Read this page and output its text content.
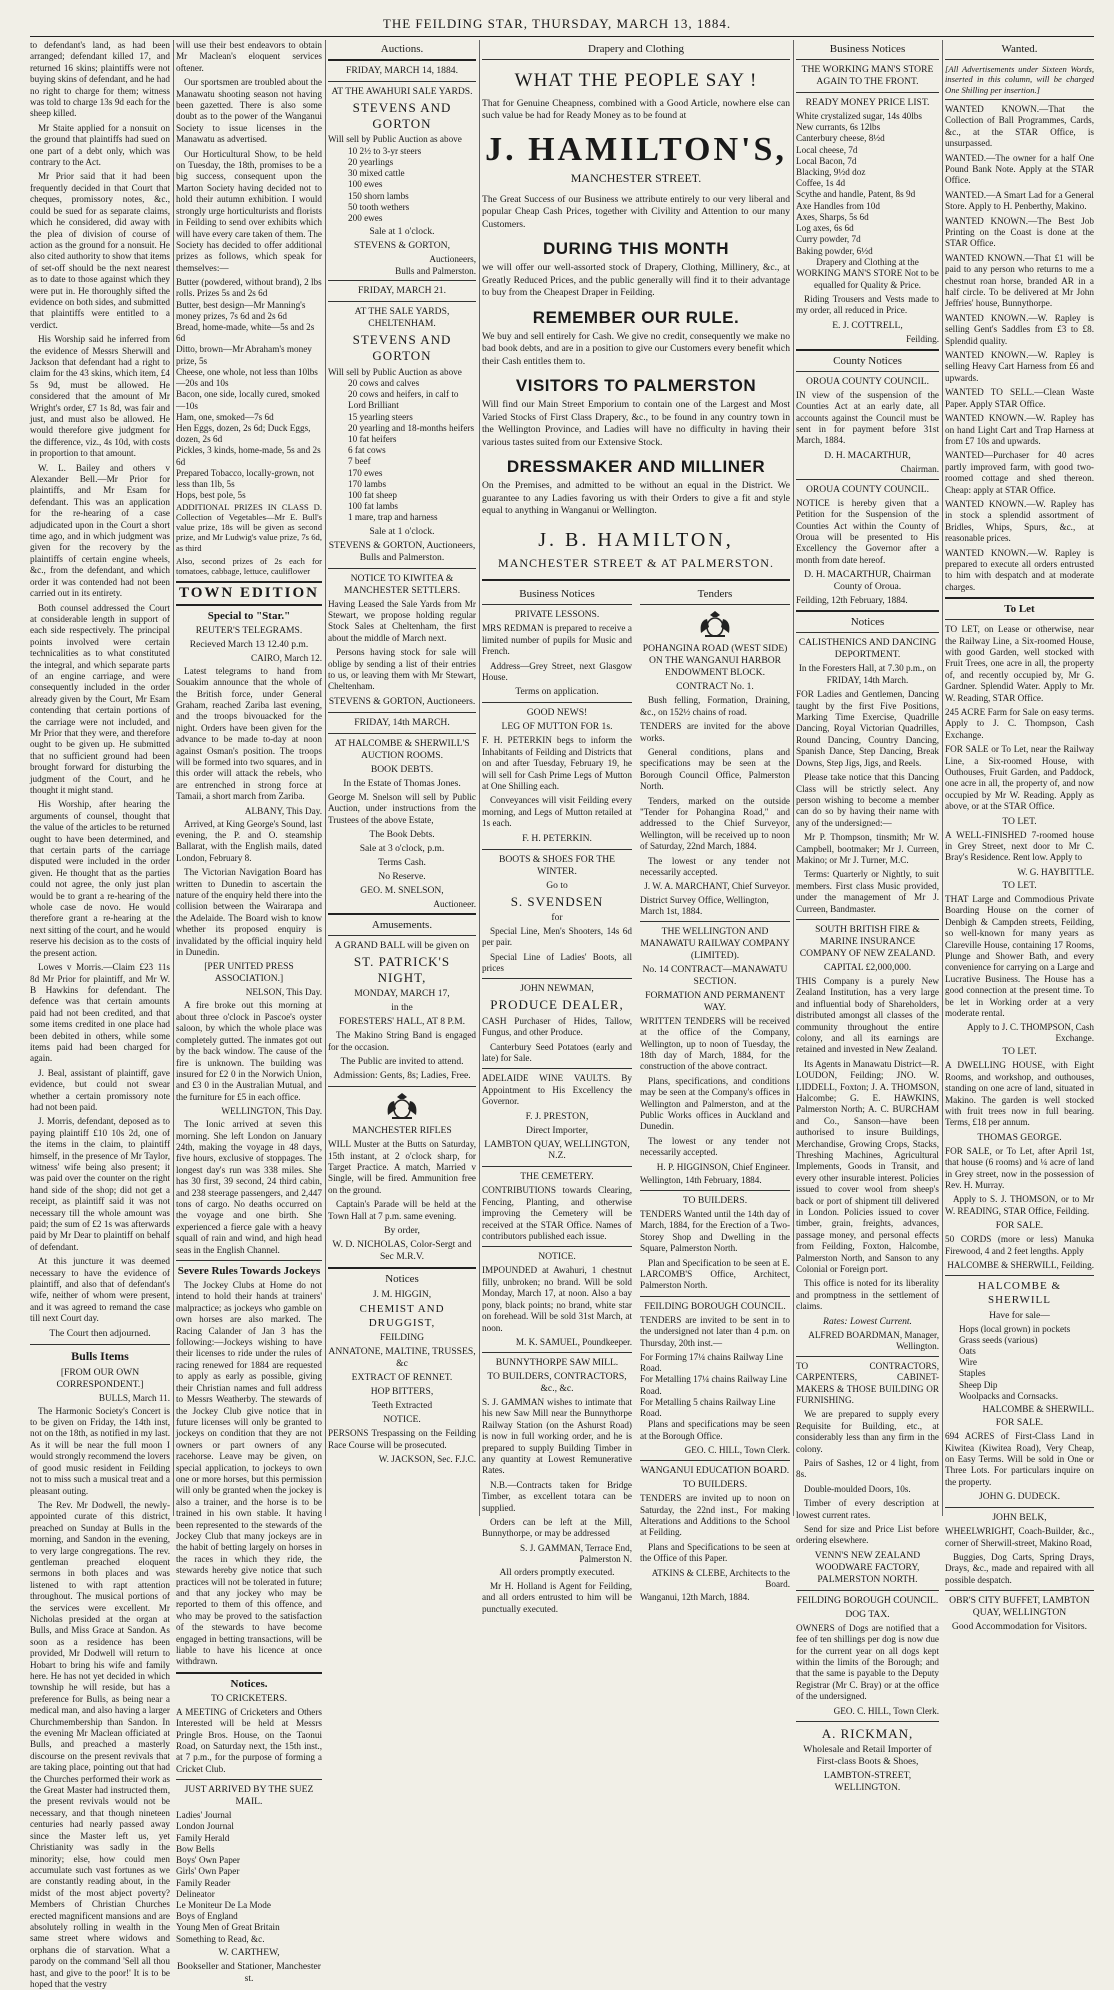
THE FEILDING STAR, THURSDAY, MARCH 13, 1884.

to defendant's land, as had been arranged; defendant killed 17, and returned 16 skins; plaintiffs were not buying skins of defendant, and he had no right to charge for them; witness was told to charge 13s 9d each for the sheep killed.

Mr Staite applied for a nonsuit on the ground that plaintiffs had sued on one part of a debt only, which was contrary to the Act.

Mr Prior said that it had been frequently decided in that Court that cheques, promissory notes, &c., could be sued for as separate claims, which he considered, did away with the plea of division of course of action as the ground for a nonsuit. He also cited authority to show that items of set-off should be the next nearest as to date to those against which they were put in. He thoroughly sifted the evidence on both sides, and submitted that plaintiffs were entitled to a verdict.

His Worship said he inferred from the evidence of Messrs Sherwill and Jackson that defendant had a right to claim for the 43 skins, which item, £4 5s 9d, must be allowed. He considered that the amount of Mr Wright's order, £7 1s 8d, was fair and just, and must also be allowed. He would therefore give judgment for the difference, viz., 4s 10d, with costs in proportion to that amount.

W. L. Bailey and others v Alexander Bell.—Mr Prior for plaintiffs, and Mr Esam for defendant. This was an application for the re-hearing of a case adjudicated upon in the Court a short time ago, and in which judgment was given for the recovery by the plaintiffs of certain engine wheels, &c., from the defendant, and which order it was contended had not been carried out in its entirety.

Both counsel addressed the Court at considerable length in support of each side respectively. The principal points involved were certain technicalities as to what constituted the integral, and which separate parts of an engine carriage, and were consequently included in the order already given by the Court, Mr Esam contending that certain portions of the carriage were not included, and Mr Prior that they were, and therefore ought to be given up. He submitted that no sufficient ground had been brought forward for disturbing the judgment of the Court, and he thought it might stand.

His Worship, after hearing the arguments of counsel, thought that the value of the articles to be returned ought to have been determined, and that certain parts of the carriage disputed were included in the order given. He thought that as the parties could not agree, the only just plan would be to grant a re-hearing of the whole case de novo. He would therefore grant a re-hearing at the next sitting of the court, and he would reserve his decision as to the costs of the present action.

Lowes v Morris.—Claim £23 11s 8d Mr Prior for plaintiff, and Mr W. B Hawkins for defendant. The defence was that certain amounts paid had not been credited, and that some items credited in one place had been debited in others, while some items paid had been charged for again.

J. Beal, assistant of plaintiff, gave evidence, but could not swear whether a certain promissory note had not been paid.

J. Morris, defendant, deposed as to paying plaintiff £10 10s 2d, one of the items in the claim, to plaintiff himself, in the presence of Mr Taylor, witness' wife being also present; it was paid over the counter on the right hand side of the shop; did not get a receipt, as plaintiff said it was not necessary till the whole amount was paid; the sum of £2 1s was afterwards paid by Mr Dear to plaintiff on behalf of defendant.

At this juncture it was deemed necessary to have the evidence of plaintiff, and also that of defendant's wife, neither of whom were present, and it was agreed to remand the case till next Court day.

The Court then adjourned.

Bulls Items
[FROM OUR OWN CORRESPONDENT.]
BULLS, March 11.

The Harmonic Society's Concert is to be given on Friday, the 14th inst, not on the 18th, as notified in my last. As it will be near the full moon I would strongly recommend the lovers of good music resident in Feilding not to miss such a musical treat and a pleasant outing.

The Rev. Mr Dodwell, the newly-appointed curate of this district, preached on Sunday at Bulls in the morning, and Sandon in the evening, to very large congregations. The rev. gentleman preached eloquent sermons in both places and was listened to with rapt attention throughout. The musical portions of the services were excellent. Mr Nicholas presided at the organ at Bulls, and Miss Grace at Sandon. As soon as a residence has been provided, Mr Dodwell will return to Hobart to bring his wife and family here. He has not yet decided in which township he will reside, but has a preference for Bulls, as being near a medical man, and also having a larger Churchmembership than Sandon. In the evening Mr Maclean officiated at Bulls, and preached a masterly discourse on the present revivals that are taking place, pointing out that had the Churches performed their work as the Great Master had instructed them, the present revivals would not be necessary, and that though nineteen centuries had nearly passed away since the Master left us, yet Christianity was sadly in the minority; else, how could men accumulate such vast fortunes as we are constantly reading about, in the midst of the most abject poverty? Members of Christian Churches erected magnificent mansions and are absolutely rolling in wealth in the same street where widows and orphans die of starvation. What a parody on the command 'Sell all thou hast, and give to the poor!' It is to be hoped that the vestry

will use their best endeavors to obtain Mr Maclean's eloquent services oftener.

Our sportsmen are troubled about the Manawatu shooting season not having been gazetted. There is also some doubt as to the power of the Wanganui Society to issue licenses in the Manawatu as advertised.

Our Horticultural Show, to be held on Tuesday, the 18th, promises to be a big success, consequent upon the Marton Society having decided not to hold their autumn exhibition. I would strongly urge horticulturists and florists in Feilding to send over exhibits which will have every care taken of them. The Society has decided to offer additional prizes as follows, which speak for themselves:—

Butter (powdered, without brand), 2 lbs rolls. Prizes 5s and 2s 6d
Butter, best design—Mr Manning's money prizes, 7s 6d and 2s 6d
Bread, home-made, white—5s and 2s 6d
Ditto, brown—Mr Abraham's money prize, 5s
Cheese, one whole, not less than 10lbs—20s and 10s
Bacon, one side, locally cured, smoked—10s
Ham, one, smoked—7s 6d
Hen Eggs, dozen, 2s 6d; Duck Eggs, dozen, 2s 6d
Pickles, 3 kinds, home-made, 5s and 2s 6d
Prepared Tobacco, locally-grown, not less than 1lb, 5s
Hops, best pole, 5s

ADDITIONAL PRIZES IN CLASS D. Collection of Vegetables—Mr E. Bull's value prize, 18s will be given as second prize, and Mr Ludwig's value prize, 7s 6d, as third

Also, second prizes of 2s each for tomatoes, cabbage, lettuce, cauliflower

TOWN EDITION
Special to "Star."
REUTER'S TELEGRAMS.
Recieved March 13 12.40 p.m.
CAIRO, March 12.

Latest telegrams to hand from Souakim announce that the whole of the British force, under General Graham, reached Zariba last evening, and the troops bivouacked for the night. Orders have been given for the advance to be made to-day at noon against Osman's position. The troops will be formed into two squares, and in this order will attack the rebels, who are entrenched in strong force at Tamaii, a short march from Zariba.

ALBANY, This Day.

Arrived, at King George's Sound, last evening, the P. and O. steamship Ballarat, with the English mails, dated London, February 8.

The Victorian Navigation Board has written to Dunedin to ascertain the nature of the enquiry held there into the collision between the Wairarapa and the Adelaide. The Board wish to know whether its proposed enquiry is invalidated by the official inquiry held in Dunedin.

[PER UNITED PRESS ASSOCIATION.]
NELSON, This Day.

A fire broke out this morning at about three o'clock in Pascoe's oyster saloon, by which the whole place was completely gutted. The inmates got out by the back window. The cause of the fire is unknown. The building was insured for £2 0 in the Norwich Union, and £3 0 in the Australian Mutual, and the furniture for £5 in each office.

WELLINGTON, This Day.

The Ionic arrived at seven this morning. She left London on January 24th, making the voyage in 48 days, five hours, exclusive of stoppages. The longest day's run was 338 miles. She has 30 first, 39 second, 24 third cabin, and 238 steerage passengers, and 2,447 tons of cargo. No deaths occurred on the voyage and one birth. She experienced a fierce gale with a heavy squall of rain and wind, and high head seas in the English Channel.

Severe Rules Towards Jockeys

The Jockey Clubs at Home do not intend to hold their hands at trainers' malpractice; as jockeys who gamble on own horses are also marked. The Racing Calander of Jan 3 has the following:—Jockeys wishing to have their licenses to ride under the rules of racing renewed for 1884 are requested to apply as early as possible, giving their Christian names and full address to Messrs Weatherby. The stewards of the Jockey Club give notice that in future licenses will only be granted to jockeys on condition that they are not owners or part owners of any racehorse. Leave may be given, on special application, to jockeys to own one or more horses, but this permission will only be granted when the jockey is also a trainer, and the horse is to be trained in his own stable. It having been represented to the stewards of the Jockey Club that many jockeys are in the habit of betting largely on horses in the races in which they ride, the stewards hereby give notice that such practices will not be tolerated in future; and that any jockey who may be reported to them of this offence, and who may be proved to the satisfaction of the stewards to have become engaged in betting transactions, will be liable to have his licence at once withdrawn.

Notices.
TO CRICKETERS.

A MEETING of Cricketers and Others Interested will be held at Messrs Pringle Bros. House, on the Taonui Road, on Saturday next, the 15th inst., at 7 p.m., for the purpose of forming a Cricket Club.

JUST ARRIVED BY THE SUEZ MAIL.
Ladies' Journal
London Journal
Family Herald
Bow Bells
Boys' Own Paper
Girls' Own Paper
Family Reader
Delineator
Le Moniteur De La Mode
Boys of England
Young Men of Great Britain
Something to Read, &c.
W. CARTHEW,
Bookseller and Stationer, Manchester st.
Auctions.
FRIDAY, MARCH 14, 1884.
AT THE AWAHURI SALE YARDS.
STEVENS AND GORTON
Will sell by Public Auction as above
10 2½ to 3-yr steers
20 yearlings
30 mixed cattle
100 ewes
150 shorn lambs
50 tooth wethers
200 ewes
Sale at 1 o'clock.
STEVENS & GORTON,
Auctioneers,
Bulls and Palmerston.
FRIDAY, MARCH 21.
AT THE SALE YARDS, CHELTENHAM.
STEVENS AND GORTON
Will sell by Public Auction as above
20 cows and calves
20 cows and heifers, in calf to Lord Brilliant
15 yearling steers
20 yearling and 18-months heifers
10 fat heifers
6 fat cows
7 beef
170 ewes
170 lambs
100 fat sheep
100 fat lambs
1 mare, trap and harness
Sale at 1 o'clock.
STEVENS & GORTON, Auctioneers, Bulls and Palmerston.
NOTICE TO KIWITEA & MANCHESTER SETTLERS.

Having Leased the Sale Yards from Mr Stewart, we propose holding regular Stock Sales at Cheltenham, the first about the middle of March next.

Persons having stock for sale will oblige by sending a list of their entries to us, or leaving them with Mr Stewart, Cheltenham.

STEVENS & GORTON, Auctioneers.
FRIDAY, 14th MARCH.
AT HALCOMBE & SHERWILL'S AUCTION ROOMS.
BOOK DEBTS.
In the Estate of Thomas Jones.

George M. Snelson will sell by Public Auction, under instructions from the Trustees of the above Estate,

The Book Debts.
Sale at 3 o'clock, p.m.
Terms Cash.
No Reserve.
GEO. M. SNELSON,
Auctioneer.
Amusements.
A GRAND BALL will be given on
ST. PATRICK'S NIGHT,
MONDAY, MARCH 17,
in the
FORESTERS' HALL, AT 8 P.M.

The Makino String Band is engaged for the occasion.

The Public are invited to attend.
Admission: Gents, 8s; Ladies, Free.
MANCHESTER RIFLES

WILL Muster at the Butts on Saturday, 15th instant, at 2 o'clock sharp, for Target Practice. A match, Married v Single, will be fired. Ammunition free on the ground.

Captain's Parade will be held at the Town Hall at 7 p.m. same evening.

By order,
W. D. NICHOLAS, Color-Sergt and Sec M.R.V.
Notices
J. M. HIGGIN,
CHEMIST AND DRUGGIST,
FEILDING
ANNATONE, MALTINE, TRUSSES, &c
EXTRACT OF RENNET.
HOP BITTERS,
Teeth Extracted
NOTICE.

PERSONS Trespassing on the Feilding Race Course will be prosecuted.

W. JACKSON, Sec. F.J.C.
Drapery and Clothing
WHAT THE PEOPLE SAY !

That for Genuine Cheapness, combined with a Good Article, nowhere else can such value be had for Ready Money as to be found at

J. HAMILTON'S,
MANCHESTER STREET.

The Great Success of our Business we attribute entirely to our very liberal and popular Cheap Cash Prices, together with Civility and Attention to our many Customers.

DURING THIS MONTH

we will offer our well-assorted stock of Drapery, Clothing, Millinery, &c., at Greatly Reduced Prices, and the public generally will find it to their advantage to buy from the Cheapest Draper in Feilding.

REMEMBER OUR RULE.

We buy and sell entirely for Cash. We give no credit, consequently we make no bad book debts, and are in a position to give our Customers every benefit which their Cash entitles them to.

VISITORS TO PALMERSTON

Will find our Main Street Emporium to contain one of the Largest and Most Varied Stocks of First Class Drapery, &c., to be found in any country town in the Wellington Province, and Ladies will have no difficulty in having their various tastes suited from our Extensive Stock.

DRESSMAKER AND MILLINER

On the Premises, and admitted to be without an equal in the District. We guarantee to any Ladies favoring us with their Orders to give a fit and style equal to anything in Wanganui or Wellington.

J. B. HAMILTON,
MANCHESTER STREET & AT PALMERSTON.
Business Notices
PRIVATE LESSONS.

MRS REDMAN is prepared to receive a limited number of pupils for Music and French.

Address—Grey Street, next Glasgow House.

Terms on application.
GOOD NEWS!
LEG OF MUTTON FOR 1s.

F. H. PETERKIN begs to inform the Inhabitants of Feilding and Districts that on and after Tuesday, February 19, he will sell for Cash Prime Legs of Mutton at One Shilling each.

Conveyances will visit Feilding every morning, and Legs of Mutton retailed at 1s each.

F. H. PETERKIN.
BOOTS & SHOES FOR THE WINTER.
Go to
S. SVENDSEN
for

Special Line, Men's Shooters, 14s 6d per pair.

Special Line of Ladies' Boots, all prices

JOHN NEWMAN,
PRODUCE DEALER,

CASH Purchaser of Hides, Tallow, Fungus, and other Produce.

Canterbury Seed Potatoes (early and late) for Sale.

ADELAIDE WINE VAULTS. By Appointment to His Excellency the Governor.

F. J. PRESTON,
Direct Importer,
LAMBTON QUAY, WELLINGTON, N.Z.
THE CEMETERY.

CONTRIBUTIONS towards Clearing, Fencing, Planting, and otherwise improving the Cemetery will be received at the STAR Office. Names of contributors published each issue.

NOTICE.

IMPOUNDED at Awahuri, 1 chestnut filly, unbroken; no brand. Will be sold Monday, March 17, at noon. Also a bay pony, black points; no brand, white star on forehead. Will be sold 31st March, at noon.

M. K. SAMUEL, Poundkeeper.
BUNNYTHORPE SAW MILL.
TO BUILDERS, CONTRACTORS, &c., &c.

S. J. GAMMAN wishes to intimate that his new Saw Mill near the Bunnythorpe Railway Station (on the Ashurst Road) is now in full working order, and he is prepared to supply Building Timber in any quantity at Lowest Remunerative Rates.

N.B.—Contracts taken for Bridge Timber, as excellent totara can be supplied.

Orders can be left at the Mill, Bunnythorpe, or may be addressed

S. J. GAMMAN, Terrace End, Palmerston N.
All orders promptly executed.

Mr H. Holland is Agent for Feilding, and all orders entrusted to him will be punctually executed.

Tenders
POHANGINA ROAD (WEST SIDE) ON THE WANGANUI HARBOR ENDOWMENT BLOCK.
CONTRACT No. 1.

Bush felling, Formation, Draining, &c., on 152½ chains of road.

TENDERS are invited for the above works.

General conditions, plans and specifications may be seen at the Borough Council Office, Palmerston North.

Tenders, marked on the outside "Tender for Pohangina Road," and addressed to the Chief Surveyor, Wellington, will be received up to noon of Saturday, 22nd March, 1884.

The lowest or any tender not necessarily accepted.

J. W. A. MARCHANT, Chief Surveyor.
District Survey Office, Wellington, March 1st, 1884.
THE WELLINGTON AND MANAWATU RAILWAY COMPANY (LIMITED).
No. 14 CONTRACT—MANAWATU SECTION.
FORMATION AND PERMANENT WAY.

WRITTEN TENDERS will be received at the office of the Company, Wellington, up to noon of Tuesday, the 18th day of March, 1884, for the construction of the above contract.

Plans, specifications, and conditions may be seen at the Company's offices in Wellington and Palmerston, and at the Public Works offices in Auckland and Dunedin.

The lowest or any tender not necessarily accepted.

H. P. HIGGINSON, Chief Engineer.
Wellington, 14th February, 1884.
TO BUILDERS.

TENDERS Wanted until the 14th day of March, 1884, for the Erection of a Two-Storey Shop and Dwelling in the Square, Palmerston North.

Plan and Specification to be seen at E. LARCOMB'S Office, Architect, Palmerston North.

FEILDING BOROUGH COUNCIL.

TENDERS are invited to be sent in to the undersigned not later than 4 p.m. on Thursday, 20th inst.—

For Forming 17¼ chains Railway Line Road.
For Metalling 17¼ chains Railway Line Road.
For Metalling 5 chains Railway Line Road.

Plans and specifications may be seen at the Borough Office.

GEO. C. HILL, Town Clerk.
WANGANUI EDUCATION BOARD.
TO BUILDERS.

TENDERS are invited up to noon on Saturday, the 22nd inst., For making Alterations and Additions to the School at Feilding.

Plans and Specifications to be seen at the Office of this Paper.

ATKINS & CLEBE, Architects to the Board.
Wanganui, 12th March, 1884.
Business Notices
THE WORKING MAN'S STORE AGAIN TO THE FRONT.
READY MONEY PRICE LIST.
White crystalized sugar, 14s 40lbs
New currants, 6s 12lbs
Canterbury cheese, 8½d
Local cheese, 7d
Local Bacon, 7d
Blacking, 9½d doz
Coffee, 1s 4d
Scythe and handle, Patent, 8s 9d
Axe Handles from 10d
Axes, Sharps, 5s 6d
Log axes, 6s 6d
Curry powder, 7d
Baking powder, 6½d

Drapery and Clothing at the WORKING MAN'S STORE Not to be equalled for Quality & Price.

Riding Trousers and Vests made to my order, all reduced in Price.

E. J. COTTRELL,
Feilding.
County Notices
OROUA COUNTY COUNCIL.

IN view of the suspension of the Counties Act at an early date, all accounts against the Council must be sent in for payment before 31st March, 1884.

D. H. MACARTHUR,
Chairman.
OROUA COUNTY COUNCIL.

NOTICE is hereby given that a Petition for the Suspension of the Counties Act within the County of Oroua will be presented to His Excellency the Governor after a month from date hereof.

D. H. MACARTHUR, Chairman County of Oroua.
Feilding, 12th February, 1884.
Notices
CALISTHENICS AND DANCING DEPORTMENT.

In the Foresters Hall, at 7.30 p.m., on FRIDAY, 14th March.

FOR Ladies and Gentlemen, Dancing taught by the first Five Positions, Marking Time Exercise, Quadrille Dancing, Royal Victorian Quadrilles, Round Dancing, Country Dancing, Spanish Dance, Step Dancing, Break Downs, Step Jigs, Jigs, and Reels.

Please take notice that this Dancing Class will be strictly select. Any person wishing to become a member can do so by having their name with any of the undersigned:—

Mr P. Thompson, tinsmith; Mr W. Campbell, bootmaker; Mr J. Curreen, Makino; or Mr J. Turner, M.C.

Terms: Quarterly or Nightly, to suit members. First class Music provided, under the management of Mr J. Curreen, Bandmaster.

SOUTH BRITISH FIRE & MARINE INSURANCE COMPANY OF NEW ZEALAND.
CAPITAL £2,000,000.

THIS Company is a purely New Zealand Institution, has a very large and influential body of Shareholders, distributed amongst all classes of the community throughout the entire colony, and all its earnings are retained and invested in New Zealand.

Its Agents in Manawatu District—R. LOUDON, Feilding; JNO. W. LIDDELL, Foxton; J. A. THOMSON, Halcombe; G. E. HAWKINS, Palmerston North; A. C. BURCHAM and Co., Sanson—have been authorised to insure Buildings, Merchandise, Growing Crops, Stacks, Threshing Machines, Agricultural Implements, Goods in Transit, and every other insurable interest. Policies issued to cover wool from sheep's back or port of shipment till delivered in London. Policies issued to cover timber, grain, freights, advances, passage money, and personal effects from Feilding, Foxton, Halcombe, Palmerston North, and Sanson to any Colonial or Foreign port.

This office is noted for its liberality and promptness in the settlement of claims.

Rates: Lowest Current.
ALFRED BOARDMAN, Manager, Wellington.

TO CONTRACTORS, CARPENTERS, CABINET-MAKERS & THOSE BUILDING OR FURNISHING.

We are prepared to supply every Requisite for Building, etc., at considerably less than any firm in the colony.

Pairs of Sashes, 12 or 4 light, from 8s.

Double-moulded Doors, 10s.

Timber of every description at lowest current rates.

Send for size and Price List before ordering elsewhere.

VENN'S NEW ZEALAND WOODWARE FACTORY, PALMERSTON NORTH.
FEILDING BOROUGH COUNCIL.
DOG TAX.

OWNERS of Dogs are notified that a fee of ten shillings per dog is now due for the current year on all dogs kept within the limits of the Borough; and that the same is payable to the Deputy Registrar (Mr C. Bray) or at the office of the undersigned.

GEO. C. HILL, Town Clerk.
A. RICKMAN,
Wholesale and Retail Importer of First-class Boots & Shoes,
LAMBTON-STREET, WELLINGTON.
Wanted.

[All Advertisements under Sixteen Words, inserted in this column, will be charged One Shilling per insertion.]

WANTED KNOWN.—That the Collection of Ball Programmes, Cards, &c., at the STAR Office, is unsurpassed.

WANTED.—The owner for a half One Pound Bank Note. Apply at the STAR Office.

WANTED.—A Smart Lad for a General Store. Apply to H. Penberthy, Makino.

WANTED KNOWN.—The Best Job Printing on the Coast is done at the STAR Office.

WANTED KNOWN.—That £1 will be paid to any person who returns to me a chestnut roan horse, branded AR in a half circle. To be delivered at Mr John Jeffries' house, Bunnythorpe.

WANTED KNOWN.—W. Rapley is selling Gent's Saddles from £3 to £8. Splendid quality.

WANTED KNOWN.—W. Rapley is selling Heavy Cart Harness from £6 and upwards.

WANTED TO SELL.—Clean Waste Paper. Apply STAR Office.

WANTED KNOWN.—W. Rapley has on hand Light Cart and Trap Harness at from £7 10s and upwards.

WANTED—Purchaser for 40 acres partly improved farm, with good two-roomed cottage and shed thereon. Cheap: apply at STAR Office.

WANTED KNOWN.—W. Rapley has in stock a splendid assortment of Bridles, Whips, Spurs, &c., at reasonable prices.

WANTED KNOWN.—W. Rapley is prepared to execute all orders entrusted to him with despatch and at moderate charges.

To Let

TO LET, on Lease or otherwise, near the Railway Line, a Six-roomed House, with good Garden, well stocked with Fruit Trees, one acre in all, the property of, and recently occupied by, Mr G. Gardner. Splendid Water. Apply to Mr. W. Reading, STAR Office.

245 ACRE Farm for Sale on easy terms. Apply to J. C. Thompson, Cash Exchange.

FOR SALE or To Let, near the Railway Line, a Six-roomed House, with Outhouses, Fruit Garden, and Paddock, one acre in all, the property of, and now occupied by Mr W. Reading. Apply as above, or at the STAR Office.

TO LET.

A WELL-FINISHED 7-roomed house in Grey Street, next door to Mr C. Bray's Residence. Rent low. Apply to

W. G. HAYBITTLE.
TO LET.

THAT Large and Commodious Private Boarding House on the corner of Denbigh & Campden streets, Feilding, so well-known for many years as Clareville House, containing 17 Rooms, Plunge and Shower Bath, and every convenience for carrying on a Large and Lucrative Business. The House has a good connection at the present time. To be let in Working order at a very moderate rental.

Apply to J. C. THOMPSON, Cash Exchange.
TO LET.

A DWELLING HOUSE, with Eight Rooms, and workshop, and outhouses, standing on one acre of land, situated in Makino. The garden is well stocked with fruit trees now in full bearing. Terms, £18 per annum.

THOMAS GEORGE.

FOR SALE, or To Let, after April 1st, that house (6 rooms) and ¼ acre of land in Grey street, now in the possession of Rev. H. Murray.

Apply to S. J. THOMSON, or to Mr W. READING, STAR Office, Feilding.

FOR SALE.

50 CORDS (more or less) Manuka Firewood, 4 and 2 feet lengths. Apply

HALCOMBE & SHERWILL, Feilding.
HALCOMBE & SHERWILL
Have for sale—
Hops (local grown) in pockets
Grass seeds (various)
Oats
Wire
Staples
Sheep Dip
Woolpacks and Cornsacks.
HALCOMBE & SHERWILL.
FOR SALE.

694 ACRES of First-Class Land in Kiwitea (Kiwitea Road), Very Cheap, on Easy Terms. Will be sold in One or Three Lots. For particulars inquire on the property.

JOHN G. DUDECK.
JOHN BELK,

WHEELWRIGHT, Coach-Builder, &c., corner of Sherwill-street, Makino Road,

Buggies, Dog Carts, Spring Drays, Drays, &c., made and repaired with all possible despatch.

OBR'S CITY BUFFET, LAMBTON QUAY, WELLINGTON
Good Accommodation for Visitors.
